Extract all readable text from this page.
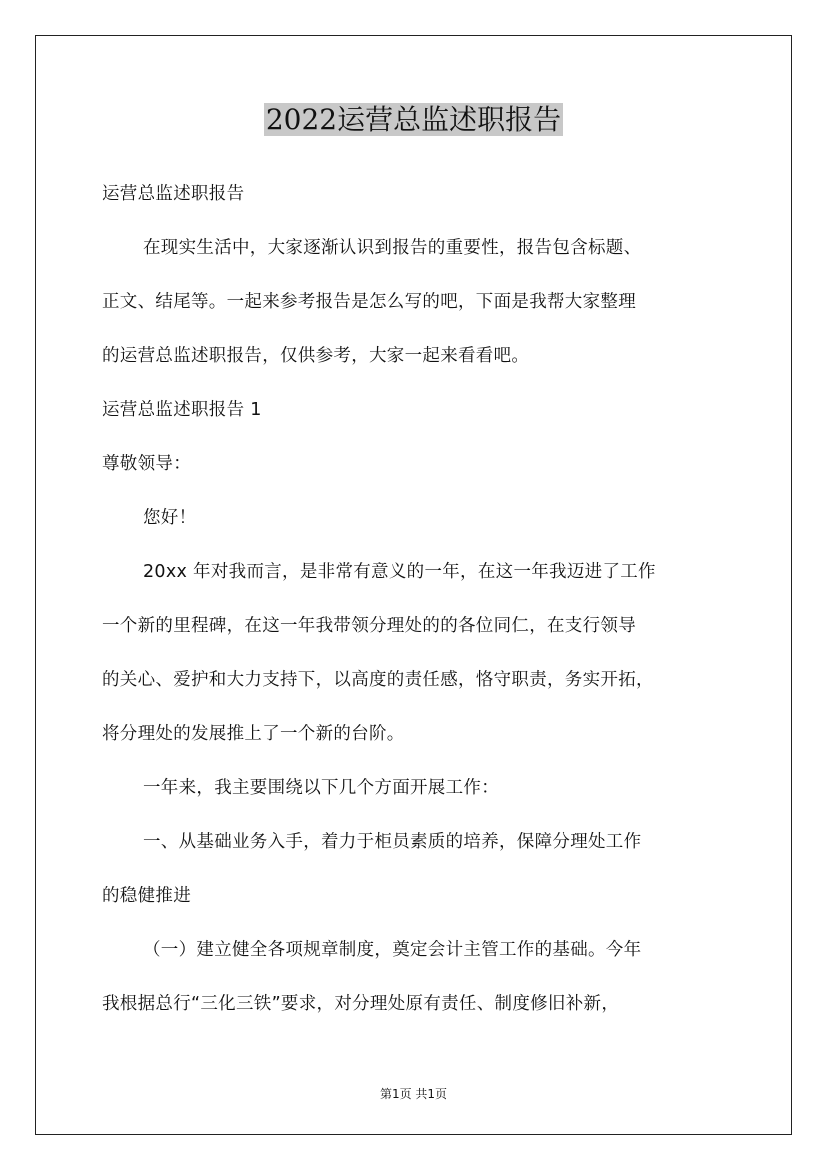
2022运营总监述职报告
运营总监述职报告
在现实生活中，大家逐渐认识到报告的重要性，报告包含标题、
正文、结尾等。一起来参考报告是怎么写的吧，下面是我帮大家整理
的运营总监述职报告，仅供参考，大家一起来看看吧。
运营总监述职报告 1
尊敬领导：
您好！
20xx 年对我而言，是非常有意义的一年，在这一年我迈进了工作
一个新的里程碑，在这一年我带领分理处的的各位同仁，在支行领导
的关心、爱护和大力支持下，以高度的责任感，恪守职责，务实开拓，
将分理处的发展推上了一个新的台阶。
一年来，我主要围绕以下几个方面开展工作：
一、从基础业务入手，着力于柜员素质的培养，保障分理处工作
的稳健推进
（一）建立健全各项规章制度，奠定会计主管工作的基础。今年
我根据总行“三化三铁”要求，对分理处原有责任、制度修旧补新，
第1页 共1页
